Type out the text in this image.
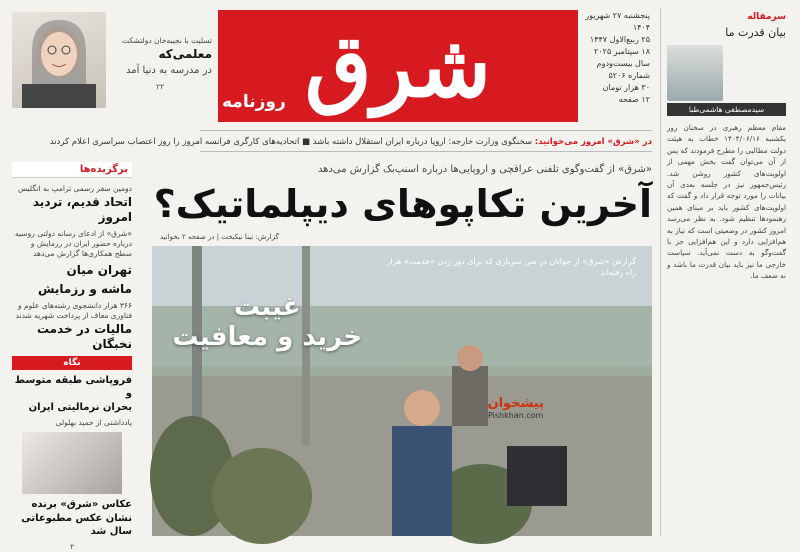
سرمقاله
بیان قدرت ما
سیدمصطفی هاشمی‌طبا
مقام معظم رهبری در سخنان روز یکشنبه ۱۴۰۴/۰۶/۱۶ خطاب به هیئت دولت مطالبی را مطرح فرمودند که پس از آن می‌توان گفت بخش مهمی از اولویت‌های کشور روشن شد. رئیس‌جمهور نیز در جلسه بعدی آن بیانات را مورد توجه قرار داد و گفت که اولویت‌های کشور باید بر مبنای همین رهنمودها تنظیم شود. به نظر می‌رسد امروز کشور در وضعیتی است که نیاز به هم‌افزایی دارد و این هم‌افزایی جز با گفت‌وگو به دست نمی‌آید. سیاست خارجی ما نیز باید بیان قدرت ما باشد و نه ضعف ما.
شرق
روزنامه
پنجشنبه ۲۷ شهریور ۱۴۰۴
۲۵ ربیع‌الاول ۱۴۴۷
۱۸ سپتامبر ۲۰۲۵
سال بیست‌ودوم
شماره ۵۲۰۶
۳۰ هزار تومان
۱۲ صفحه
تسلیت با نجیبه‌خان دولتشکت
معلمی‌که
در مدرسه به دنیا آمد
۲۲
در «شرق» امروز می‌خوانید: سخنگوی وزارت خارجه: اروپا درباره ایران استقلال داشته باشد ■ اتحادیه‌های کارگری فرانسه امروز را روز اعتصاب سراسری اعلام کردند
برگزیده‌ها
دومین سفر رسمی ترامپ به انگلیس
اتحاد قدیم، تردید امروز
«شرق» از ادعای رسانه دولتی روسیه درباره حضور ایران در رزمایش و سطح همکاری‌ها گزارش می‌دهد
تهران میان
ماشه و رزمایش
۳۶۶ هزار دانشجوی رشته‌های علوم و فناوری معاف از پرداخت شهریه شدند
مالیات در خدمت نخبگان
نگاه
فروپاشی طبقه متوسط و
بحران نرمالیتی ایران
یادداشتی از حمید بهلولی
عکاس «شرق» برنده
نشان عکس مطبوعاتی سال شد
۲
«شرق» از گفت‌وگوی تلفنی عراقچی و اروپایی‌ها درباره اسنپ‌بک گزارش می‌دهد
آخرین تکاپوهای دیپلماتیک؟
گزارش: تینا نیکبخت | در صفحه ۲ بخوانید
گزارش «شرق» از جوانان در سن سربازی که برای دور زدن «خدمت» هزار راه رفته‌اند
غیبت
خرید و معافیت
پیشخوان
Pishkhan.com
